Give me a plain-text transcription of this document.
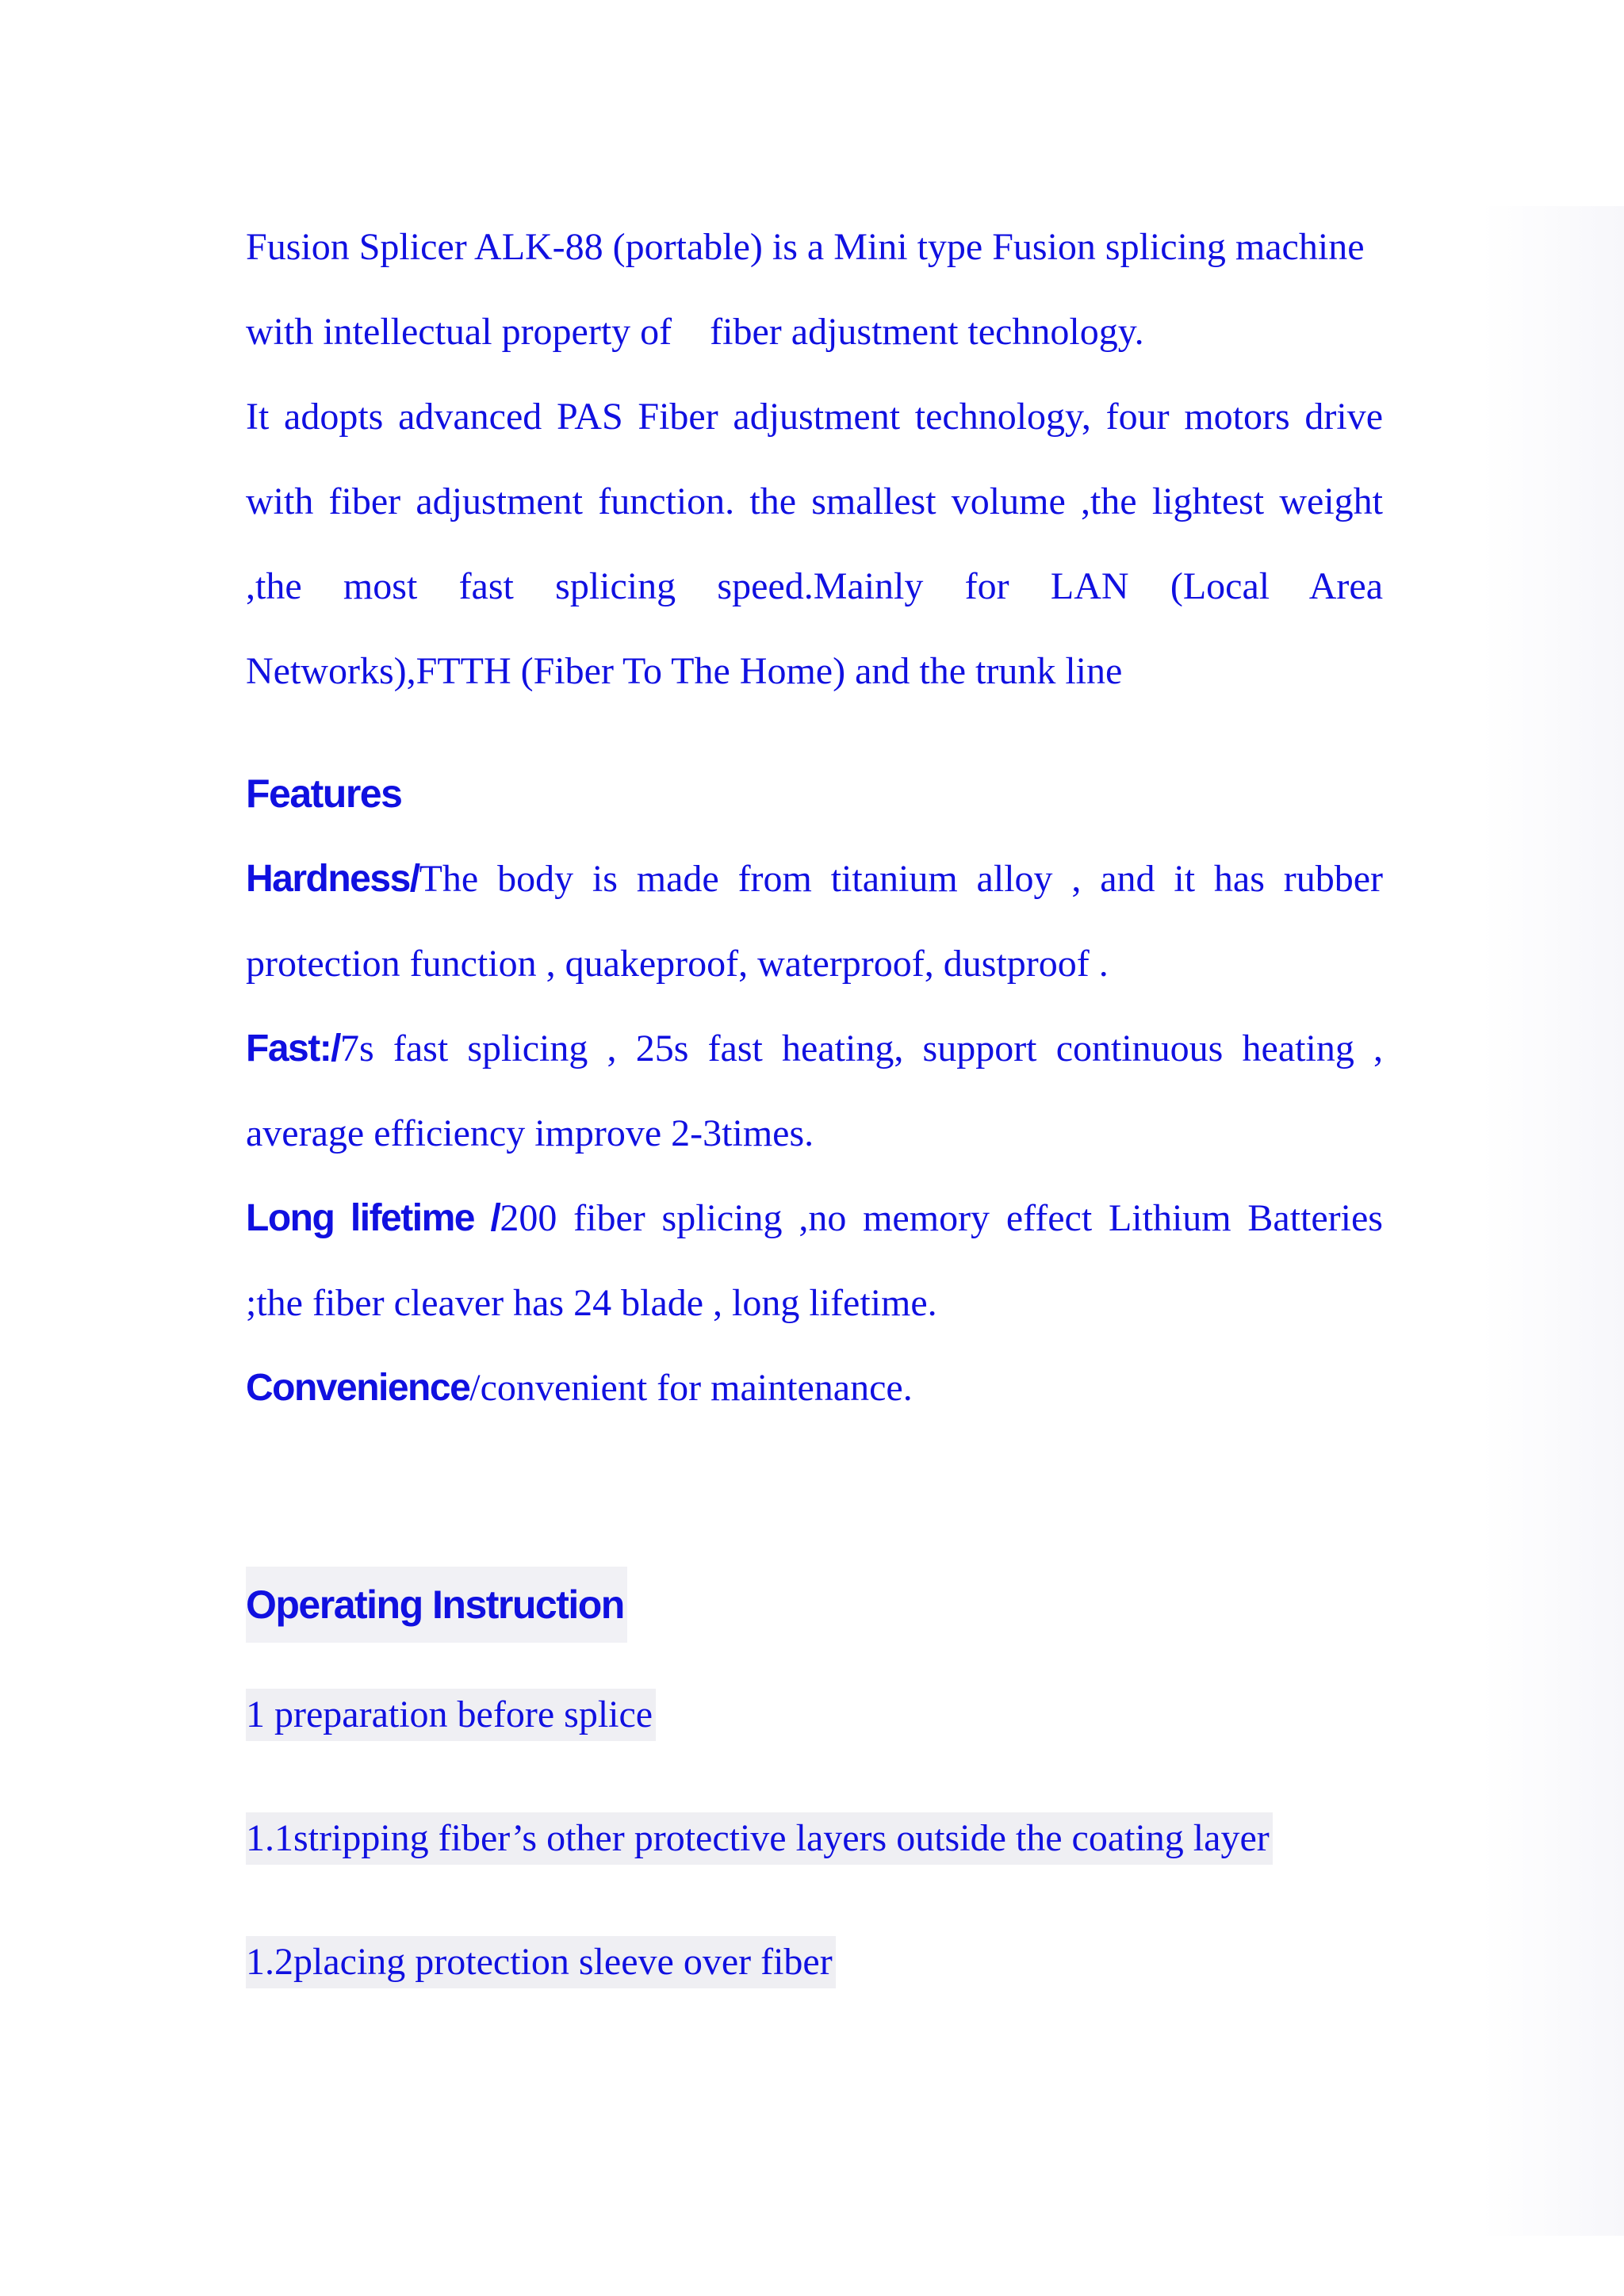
Fusion Splicer ALK-88 (portable) is a Mini type Fusion splicing machine with intellectual property of fiber adjustment technology.

It adopts advanced PAS Fiber adjustment technology, four motors drive with fiber adjustment function. the smallest volume ,the lightest weight ,the most fast splicing speed.Mainly for LAN (Local Area Networks),FTTH (Fiber To The Home) and the trunk line

Features

Hardness/The body is made from titanium alloy , and it has rubber protection function , quakeproof, waterproof, dustproof .

Fast:/7s fast splicing , 25s fast heating, support continuous heating , average efficiency improve 2-3times.

Long lifetime /200 fiber splicing ,no memory effect Lithium Batteries ;the fiber cleaver has 24 blade , long lifetime.

Convenience/convenient for maintenance.

Operating Instruction

1 preparation before splice

1.1stripping fiber’s other protective layers outside the coating layer

1.2placing protection sleeve over fiber
